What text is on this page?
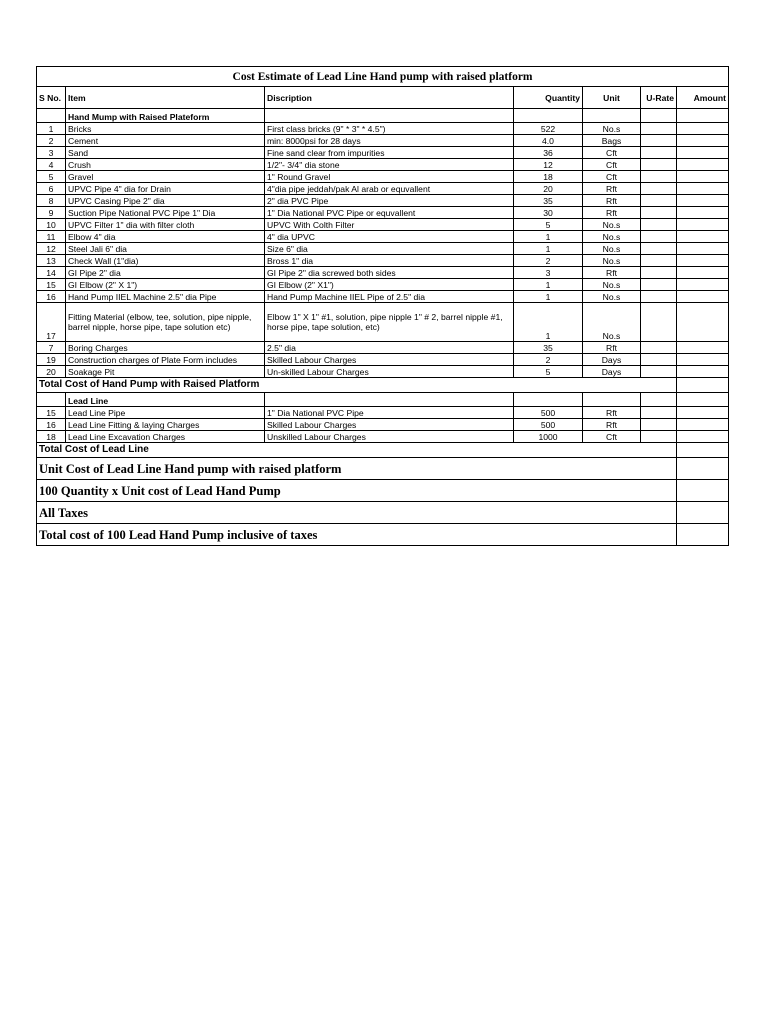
Cost Estimate of Lead Line Hand pump with raised platform						
S No.	Item	Discription	Quantity	Unit	U-Rate	Amount
	Hand Mump with Raised Plateform					
1	Bricks	First class bricks (9" * 3" * 4.5")	522	No.s		
2	Cement	min: 8000psi for 28 days	4.0	Bags		
3	Sand	Fine sand clear from impurities	36	Cft		
4	Crush	1/2"- 3/4" dia stone	12	Cft		
5	Gravel	1" Round Gravel	18	Cft		
6	UPVC Pipe 4" dia for Drain	4"dia pipe jeddah/pak Al arab or equvallent	20	Rft		
8	UPVC Casing Pipe 2" dia	2" dia PVC Pipe	35	Rft		
9	Suction Pipe National PVC Pipe 1" Dia	1" Dia National PVC Pipe or equvallent	30	Rft		
10	UPVC Filter 1" dia with filter cloth	UPVC With Colth Filter	5	No.s		
11	Elbow 4" dia	4" dia UPVC	1	No.s		
12	Steel Jali 6" dia	Size 6" dia	1	No.s		
13	Check Wall (1"dia)	Bross 1" dia	2	No.s		
14	GI Pipe 2" dia	GI Pipe 2" dia screwed both sides	3	Rft		
15	GI Elbow (2" X 1")	GI Elbow (2" X1")	1	No.s		
16	Hand Pump IIEL Machine 2.5" dia Pipe	Hand Pump Machine IIEL Pipe of 2.5" dia	1	No.s		
17	Fitting Material (elbow, tee, solution, pipe nipple, barrel nipple, horse pipe, tape solution etc)	Elbow 1" X 1" #1, solution, pipe nipple 1" # 2, barrel nipple #1, horse pipe, tape solution, etc)	1	No.s		
7	Boring Charges	2.5" dia	35	Rft		
19	Construction charges of Plate Form includes	Skilled Labour Charges	2	Days		
20	Soakage Pit	Un-skilled Labour Charges	5	Days		
Total Cost of Hand Pump with Raised Platform						
	Lead Line					
15	Lead Line Pipe	1" Dia National PVC Pipe	500	Rft		
16	Lead Line Fitting & laying Charges	Skilled Labour Charges	500	Rft		
18	Lead Line Excavation Charges	Unskilled Labour Charges	1000	Cft		
Total Cost of Lead Line						
Unit Cost of Lead Line Hand pump with raised platform						
100 Quantity x Unit cost of Lead Hand Pump						
All Taxes						
Total cost of 100 Lead Hand Pump inclusive of taxes						
